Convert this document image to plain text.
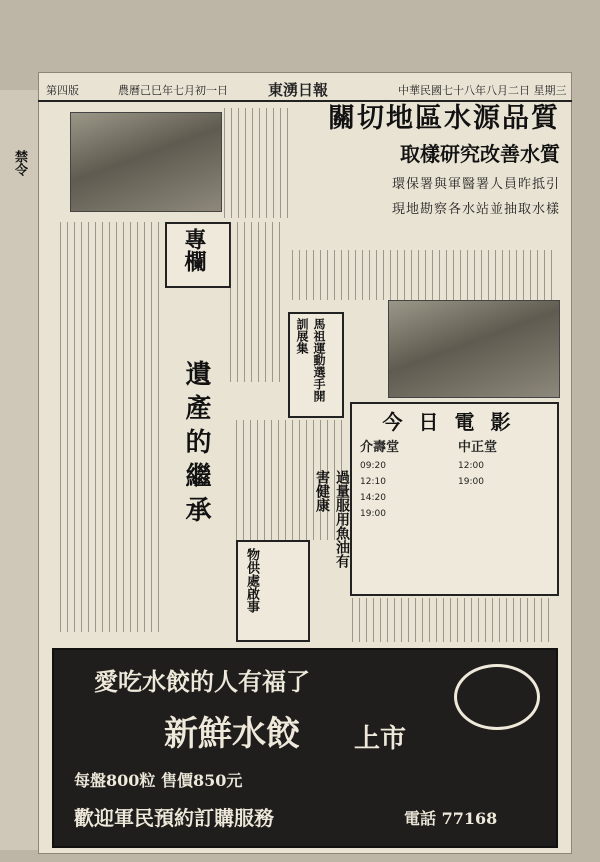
禁令
第四版	農曆己巳年七月初一日	東湧日報	中華民國七十八年八月二日 星期三
關切地區水源品質
取樣研究改善水質
環保署與軍醫署人員昨抵引
現地勘察各水站並抽取水樣
專欄
遺產的繼承	馬祖運動選手開訓展集
今日電影
介壽堂
09:20
12:10
14:20
19:00
中正堂
12:00
19:00
過量服用魚油有害健康
物供處啟事
愛吃水餃的人有福了
新鮮水餃 上市
每盤800粒 售價850元
歡迎軍民預約訂購服務	電話 77168
